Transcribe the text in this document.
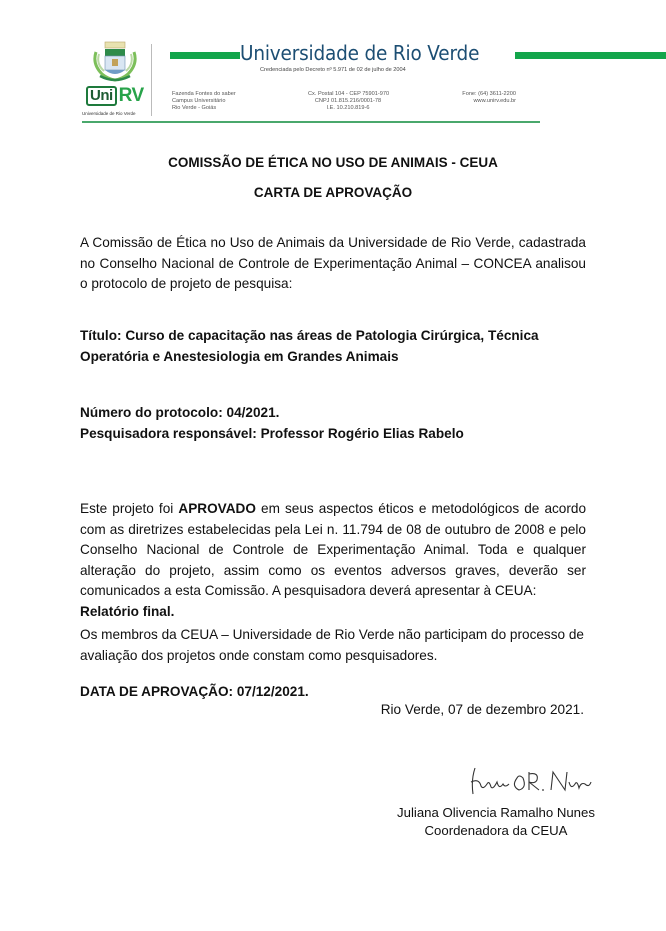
Uni RV
Universidade de Rio Verde
Universidade de Rio Verde
Credenciada pelo Decreto nº 5.971 de 02 de julho de 2004
Fazenda Fontes do saber
Campus Universitário
Rio Verde - Goiás
Cx. Postal 104 - CEP 75901-970
CNPJ 01.815.216/0001-78
I.E. 10.210.819-6
Fone: (64) 3611-2200
www.unirv.edu.br
COMISSÃO DE ÉTICA NO USO DE ANIMAIS - CEUA
CARTA DE APROVAÇÃO
A Comissão de Ética no Uso de Animais da Universidade de Rio Verde, cadastrada no Conselho Nacional de Controle de Experimentação Animal – CONCEA analisou o protocolo de projeto de pesquisa:
Título: Curso de capacitação nas áreas de Patologia Cirúrgica, Técnica Operatória e Anestesiologia em Grandes Animais
Número do protocolo: 04/2021.
Pesquisadora responsável: Professor Rogério Elias Rabelo
Este projeto foi APROVADO em seus aspectos éticos e metodológicos de acordo com as diretrizes estabelecidas pela Lei n. 11.794 de 08 de outubro de 2008 e pelo Conselho Nacional de Controle de Experimentação Animal. Toda e qualquer alteração do projeto, assim como os eventos adversos graves, deverão ser comunicados a esta Comissão. A pesquisadora deverá apresentar à CEUA:
Relatório final.
Os membros da CEUA – Universidade de Rio Verde não participam do processo de avaliação dos projetos onde constam como pesquisadores.
DATA DE APROVAÇÃO: 07/12/2021.
Rio Verde, 07 de dezembro 2021.
Juliana Olivencia Ramalho Nunes
Coordenadora da CEUA
